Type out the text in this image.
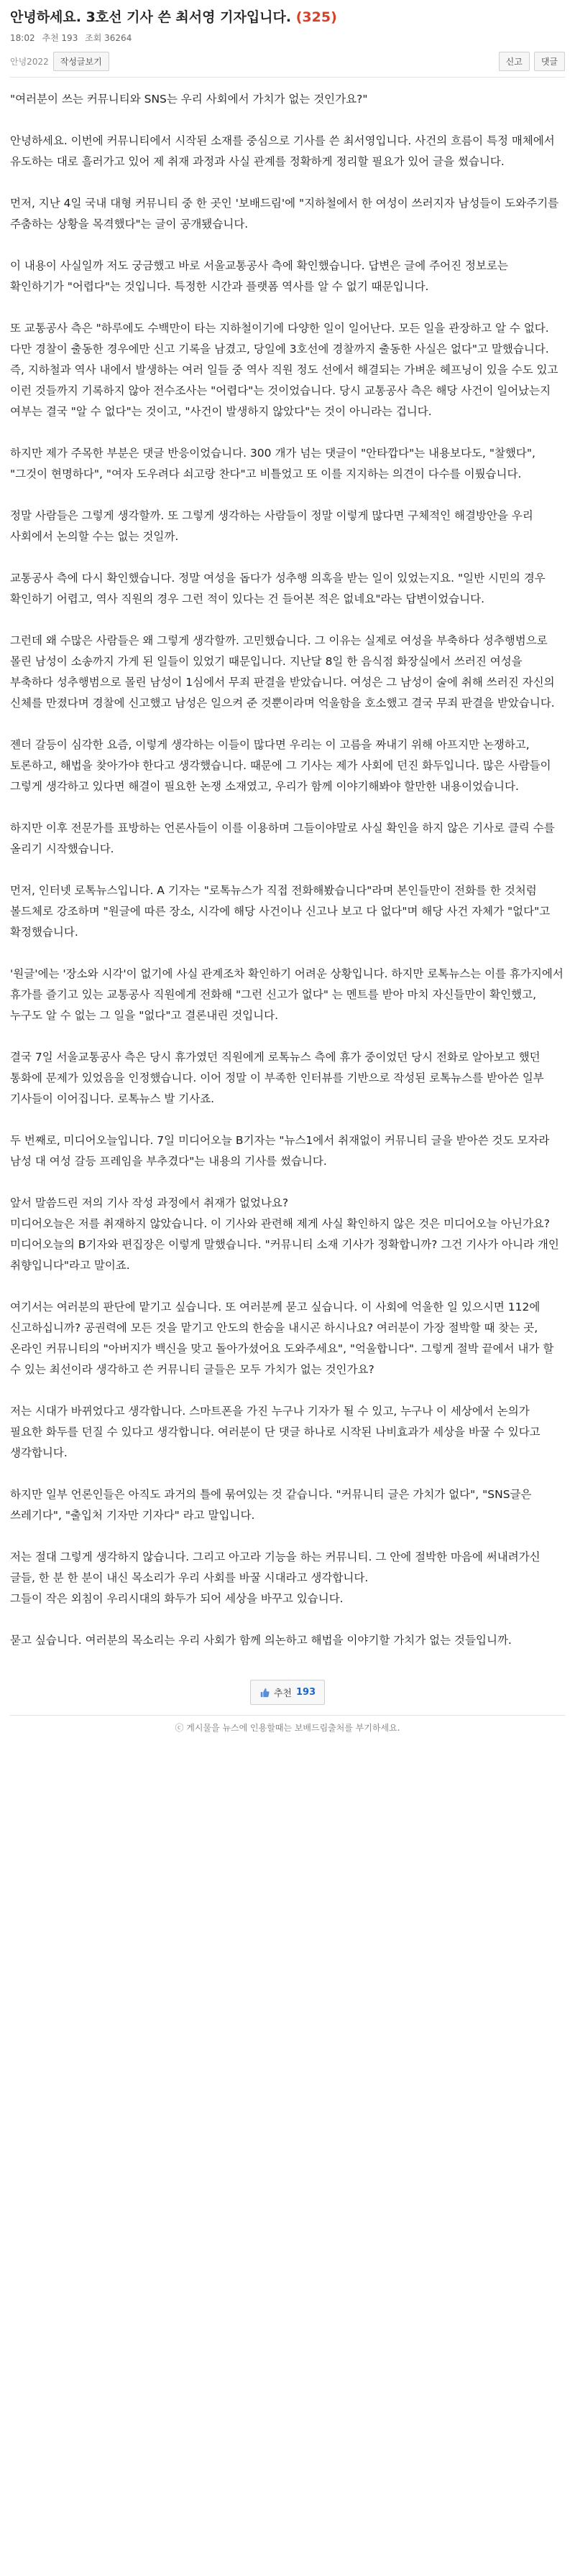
안녕하세요. 3호선 기사 쓴 최서영 기자입니다. (325)
18:02 추천 193 조회 36264
안녕2022	작성글보기	신고	댓글

"여러분이 쓰는 커뮤니티와 SNS는 우리 사회에서 가치가 없는 것인가요?"

안녕하세요. 이번에 커뮤니티에서 시작된 소재를 중심으로 기사를 쓴 최서영입니다. 사건의 흐름이 특정 매체에서 유도하는 대로 흘러가고 있어 제 취재 과정과 사실 관계를 정확하게 정리할 필요가 있어 글을 썼습니다.

먼저, 지난 4일 국내 대형 커뮤니티 중 한 곳인 '보배드림'에 "지하철에서 한 여성이 쓰러지자 남성들이 도와주기를 주춤하는 상황을 목격했다"는 글이 공개됐습니다.

이 내용이 사실일까 저도 궁금했고 바로 서울교통공사 측에 확인했습니다. 답변은 글에 주어진 정보로는 확인하기가 "어렵다"는 것입니다. 특정한 시간과 플랫폼 역사를 알 수 없기 때문입니다.

또 교통공사 측은 "하루에도 수백만이 타는 지하철이기에 다양한 일이 일어난다. 모든 일을 관장하고 알 수 없다. 다만 경찰이 출동한 경우에만 신고 기록을 남겼고, 당일에 3호선에 경찰까지 출동한 사실은 없다"고 말했습니다. 즉, 지하철과 역사 내에서 발생하는 여러 일들 중 역사 직원 정도 선에서 해결되는 가벼운 헤프닝이 있을 수도 있고 이런 것들까지 기록하지 않아 전수조사는 "어렵다"는 것이었습니다. 당시 교통공사 측은 해당 사건이 일어났는지 여부는 결국 "알 수 없다"는 것이고, "사건이 발생하지 않았다"는 것이 아니라는 겁니다.

하지만 제가 주목한 부분은 댓글 반응이었습니다. 300 개가 넘는 댓글이 "안타깝다"는 내용보다도, "찰했다", "그것이 현명하다", "여자 도우려다 쇠고랑 찬다"고 비틀었고 또 이를 지지하는 의견이 다수를 이뤘습니다.

정말 사람들은 그렇게 생각할까. 또 그렇게 생각하는 사람들이 정말 이렇게 많다면 구체적인 해결방안을 우리 사회에서 논의할 수는 없는 것일까.

교통공사 측에 다시 확인했습니다. 정말 여성을 돕다가 성추행 의혹을 받는 일이 있었는지요. "일반 시민의 경우 확인하기 어렵고, 역사 직원의 경우 그런 적이 있다는 건 들어본 적은 없네요"라는 답변이었습니다.

그런데 왜 수많은 사람들은 왜 그렇게 생각할까. 고민했습니다. 그 이유는 실제로 여성을 부축하다 성추행범으로 몰린 남성이 소송까지 가게 된 일들이 있었기 때문입니다. 지난달 8일 한 음식점 화장실에서 쓰러진 여성을 부축하다 성추행범으로 몰린 남성이 1심에서 무죄 판결을 받았습니다. 여성은 그 남성이 술에 취해 쓰러진 자신의 신체를 만졌다며 경찰에 신고했고 남성은 일으켜 준 것뿐이라며 억울함을 호소했고 결국 무죄 판결을 받았습니다.

젠더 갈등이 심각한 요즘, 이렇게 생각하는 이들이 많다면 우리는 이 고름을 짜내기 위해 아프지만 논쟁하고, 토론하고, 해법을 찾아가야 한다고 생각했습니다. 때문에 그 기사는 제가 사회에 던진 화두입니다. 많은 사람들이 그렇게 생각하고 있다면 해결이 필요한 논쟁 소재였고, 우리가 함께 이야기해봐야 할만한 내용이었습니다.

하지만 이후 전문가를 표방하는 언론사들이 이를 이용하며 그들이야말로 사실 확인을 하지 않은 기사로 클릭 수를 올리기 시작했습니다.

먼저, 인터넷 로톡뉴스입니다. A 기자는 "로톡뉴스가 직접 전화해봤습니다"라며 본인들만이 전화를 한 것처럼 볼드체로 강조하며 "원글에 따른 장소, 시각에 해당 사건이나 신고나 보고 다 없다"며 해당 사건 자체가 "없다"고 확정했습니다.

'원글'에는 '장소와 시각'이 없기에 사실 관계조차 확인하기 어려운 상황입니다. 하지만 로톡뉴스는 이를 휴가지에서 휴가를 즐기고 있는 교통공사 직원에게 전화해 "그런 신고가 없다" 는 멘트를 받아 마치 자신들만이 확인했고, 누구도 알 수 없는 그 일을 "없다"고 결론내린 것입니다.

결국 7일 서울교통공사 측은 당시 휴가였던 직원에게 로톡뉴스 측에 휴가 중이었던 당시 전화로 알아보고 했던 통화에 문제가 있었음을 인정했습니다. 이어 정말 이 부족한 인터뷰를 기반으로 작성된 로톡뉴스를 받아쓴 일부 기사들이 이어집니다. 로톡뉴스 발 기사죠.

두 번째로, 미디어오늘입니다. 7일 미디어오늘 B기자는 "뉴스1에서 취재없이 커뮤니티 글을 받아쓴 것도 모자라 남성 대 여성 갈등 프레임을 부추겼다"는 내용의 기사를 썼습니다.

앞서 말씀드린 저의 기사 작성 과정에서 취재가 없었나요?
미디어오늘은 저를 취재하지 않았습니다. 이 기사와 관련해 제게 사실 확인하지 않은 것은 미디어오늘 아닌가요?
미디어오늘의 B기자와 편집장은 이렇게 말했습니다. "커뮤니티 소재 기사가 정확합니까? 그건 기사가 아니라 개인 취향입니다"라고 말이죠.

여기서는 여러분의 판단에 맡기고 싶습니다. 또 여러분께 묻고 싶습니다. 이 사회에 억울한 일 있으시면 112에 신고하십니까? 공권력에 모든 것을 맡기고 안도의 한숨을 내시곤 하시나요? 여러분이 가장 절박할 때 찾는 곳, 온라인 커뮤니티의 "아버지가 백신을 맞고 돌아가셨어요 도와주세요", "억울합니다". 그렇게 절박 끝에서 내가 할 수 있는 최선이라 생각하고 쓴 커뮤니티 글들은 모두 가치가 없는 것인가요?

저는 시대가 바뀌었다고 생각합니다. 스마트폰을 가진 누구나 기자가 될 수 있고, 누구나 이 세상에서 논의가 필요한 화두를 던질 수 있다고 생각합니다. 여러분이 단 댓글 하나로 시작된 나비효과가 세상을 바꿀 수 있다고 생각합니다.

하지만 일부 언론인들은 아직도 과거의 틀에 묶여있는 것 같습니다. "커뮤니티 글은 가치가 없다", "SNS글은 쓰레기다", "출입처 기자만 기자다" 라고 말입니다.

저는 절대 그렇게 생각하지 않습니다. 그리고 아고라 기능을 하는 커뮤니티. 그 안에 절박한 마음에 써내려가신 글들, 한 분 한 분이 내신 목소리가 우리 사회를 바꿀 시대라고 생각합니다.
그들이 작은 외침이 우리시대의 화두가 되어 세상을 바꾸고 있습니다.

묻고 싶습니다. 여러분의 목소리는 우리 사회가 함께 의논하고 해법을 이야기할 가치가 없는 것들입니까.

추천 193
ⓒ 게시물을 뉴스에 인용할때는 보배드림출처를 부기하세요.
